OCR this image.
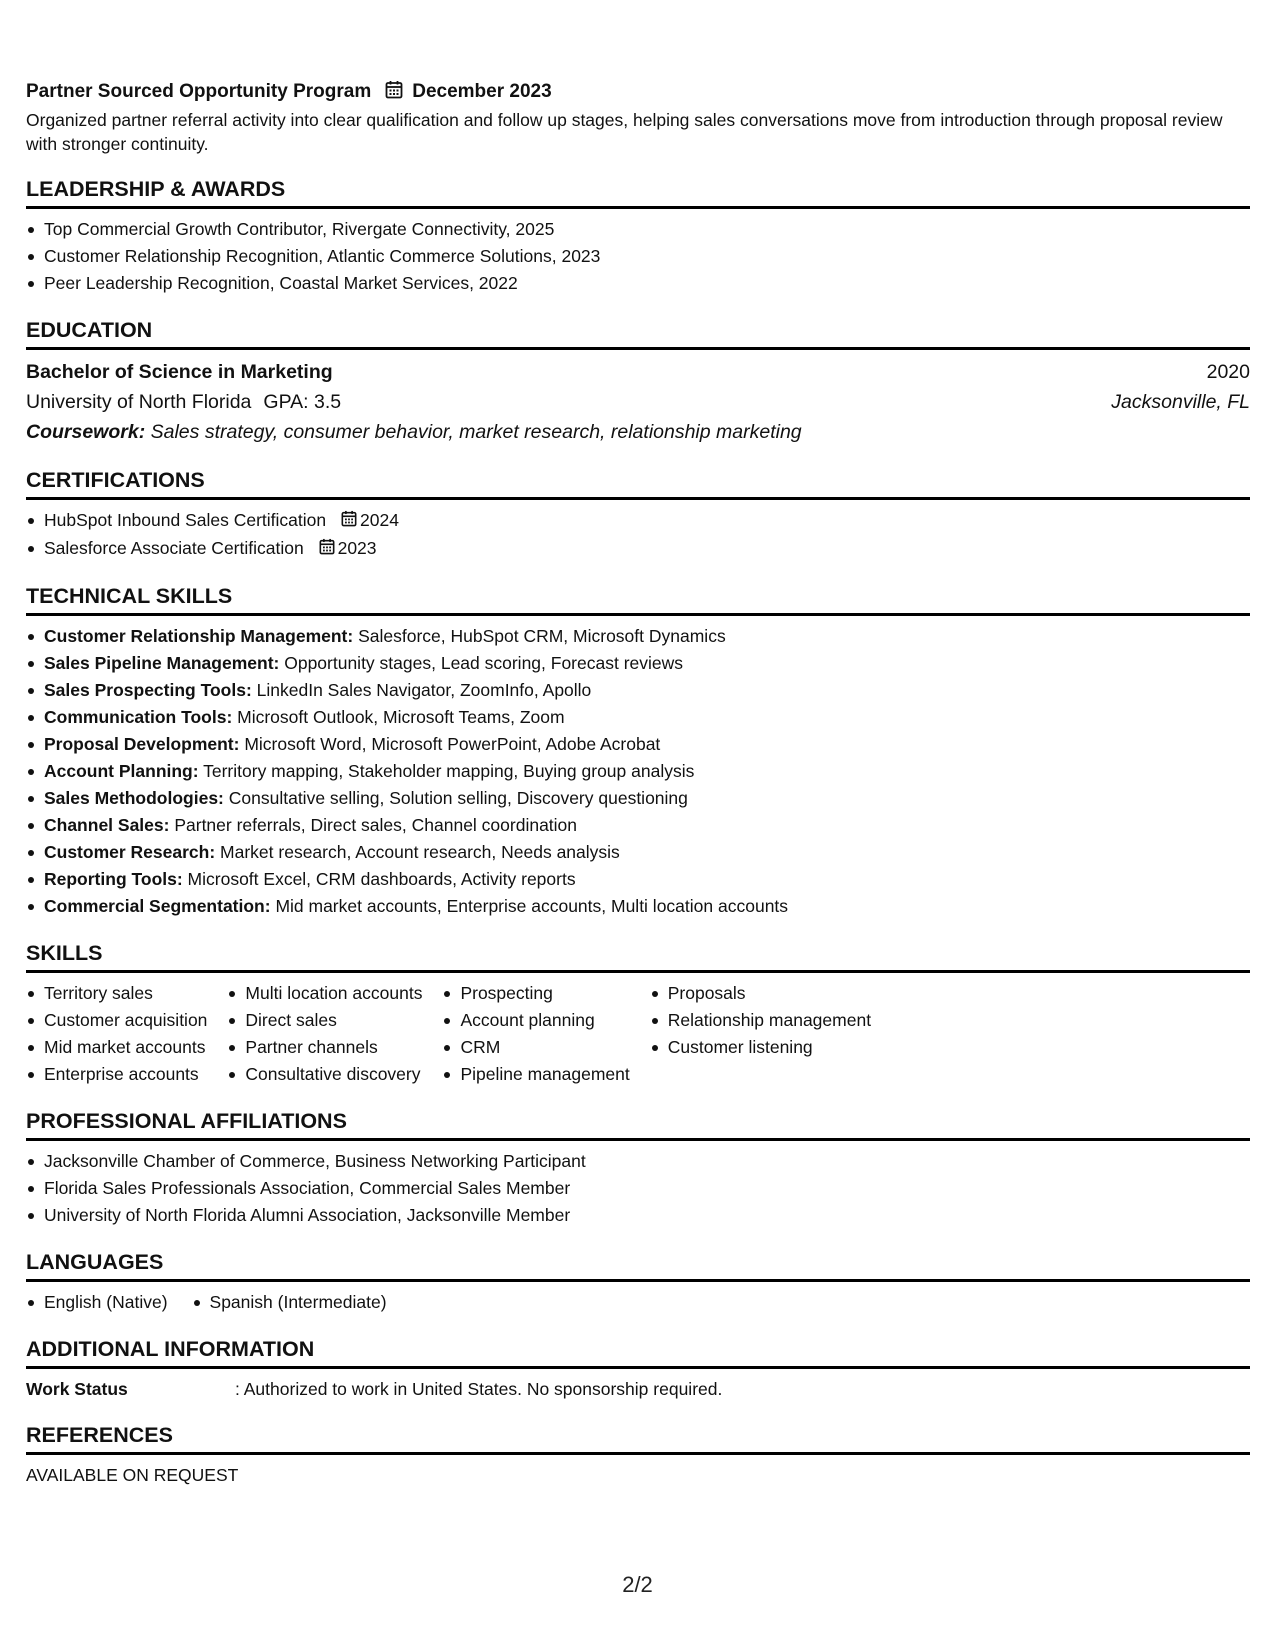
Partner Sourced Opportunity Program December 2023
Organized partner referral activity into clear qualification and follow up stages, helping sales conversations move from introduction through proposal review with stronger continuity.
LEADERSHIP & AWARDS
Top Commercial Growth Contributor, Rivergate Connectivity, 2025
Customer Relationship Recognition, Atlantic Commerce Solutions, 2023
Peer Leadership Recognition, Coastal Market Services, 2022
EDUCATION
Bachelor of Science in Marketing	2020
University of North Florida GPA: 3.5	Jacksonville, FL
Coursework: Sales strategy, consumer behavior, market research, relationship marketing
CERTIFICATIONS
HubSpot Inbound Sales Certification 2024
Salesforce Associate Certification 2023
TECHNICAL SKILLS
Customer Relationship Management: Salesforce, HubSpot CRM, Microsoft Dynamics
Sales Pipeline Management: Opportunity stages, Lead scoring, Forecast reviews
Sales Prospecting Tools: LinkedIn Sales Navigator, ZoomInfo, Apollo
Communication Tools: Microsoft Outlook, Microsoft Teams, Zoom
Proposal Development: Microsoft Word, Microsoft PowerPoint, Adobe Acrobat
Account Planning: Territory mapping, Stakeholder mapping, Buying group analysis
Sales Methodologies: Consultative selling, Solution selling, Discovery questioning
Channel Sales: Partner referrals, Direct sales, Channel coordination
Customer Research: Market research, Account research, Needs analysis
Reporting Tools: Microsoft Excel, CRM dashboards, Activity reports
Commercial Segmentation: Mid market accounts, Enterprise accounts, Multi location accounts
SKILLS
Territory sales
Customer acquisition
Mid market accounts
Enterprise accounts
Multi location accounts
Direct sales
Partner channels
Consultative discovery
Prospecting
Account planning
CRM
Pipeline management
Proposals
Relationship management
Customer listening
PROFESSIONAL AFFILIATIONS
Jacksonville Chamber of Commerce, Business Networking Participant
Florida Sales Professionals Association, Commercial Sales Member
University of North Florida Alumni Association, Jacksonville Member
LANGUAGES
English (Native)	Spanish (Intermediate)
ADDITIONAL INFORMATION
Work Status	: Authorized to work in United States. No sponsorship required.
REFERENCES
AVAILABLE ON REQUEST
2/2
